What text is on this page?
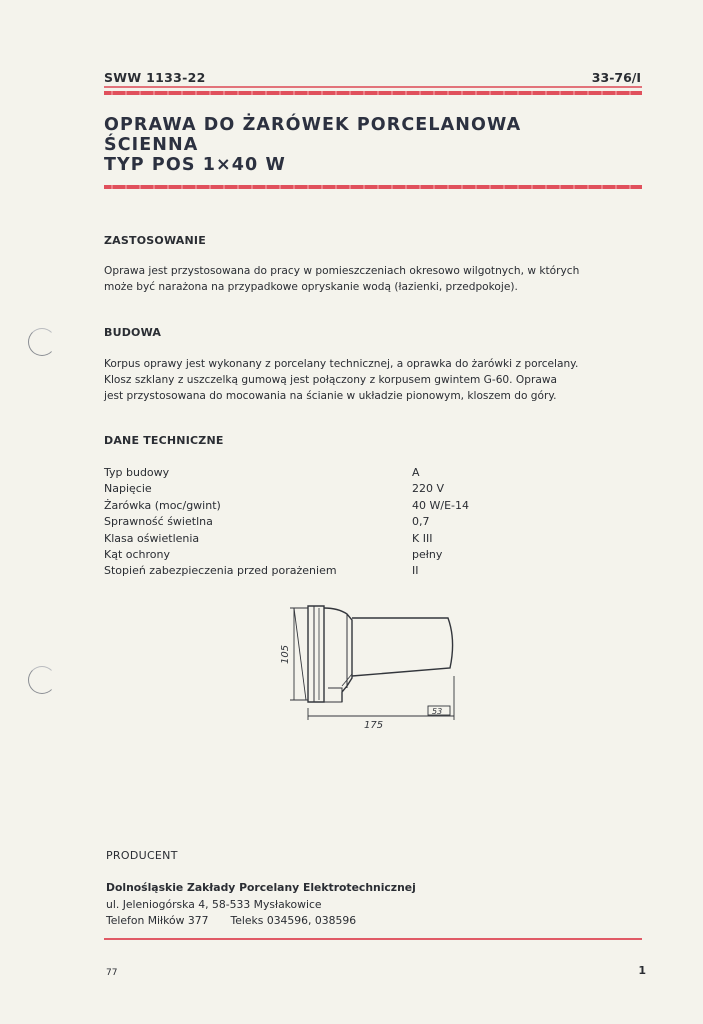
SWW 1133-22	33-76/I
OPRAWA DO ŻARÓWEK PORCELANOWA
ŚCIENNA
TYP POS 1×40 W
ZASTOSOWANIE
Oprawa jest przystosowana do pracy w pomieszczeniach okresowo wilgotnych, w których
może być narażona na przypadkowe opryskanie wodą (łazienki, przedpokoje).
BUDOWA
Korpus oprawy jest wykonany z porcelany technicznej, a oprawka do żarówki z porcelany.
Klosz szklany z uszczelką gumową jest połączony z korpusem gwintem G-60. Oprawa
jest przystosowana do mocowania na ścianie w układzie pionowym, kloszem do góry.
DANE TECHNICZNE
Typ budowy	A
Napięcie	220 V
Żarówka (moc/gwint)	40 W/E-14
Sprawność świetlna	0,7
Klasa oświetlenia	K III
Kąt ochrony	pełny
Stopień zabezpieczenia przed porażeniem	II
105
175
53
PRODUCENT
Dolnośląskie Zakłady Porcelany Elektrotechnicznej
ul. Jeleniogórska 4, 58-533 Mysłakowice
Telefon Miłków 377 Teleks 034596, 038596
77	1
